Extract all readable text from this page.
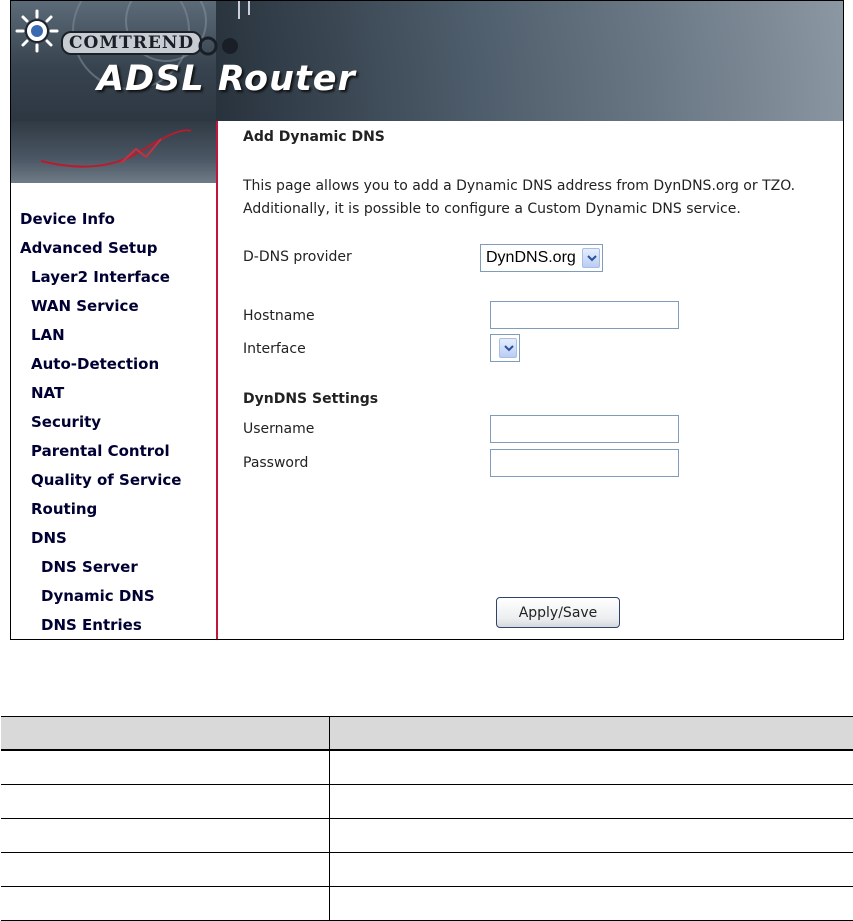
COMTREND
ADSL Router
Device Info
Advanced Setup
Layer2 Interface
WAN Service
LAN
Auto-Detection
NAT
Security
Parental Control
Quality of Service
Routing
DNS
DNS Server
Dynamic DNS
DNS Entries
Add Dynamic DNS
This page allows you to add a Dynamic DNS address from DynDNS.org or TZO.
Additionally, it is possible to configure a Custom Dynamic DNS service.
D-DNS provider	DynDNS.org
Hostname
Interface
DynDNS Settings
Username
Password
Apply/Save
